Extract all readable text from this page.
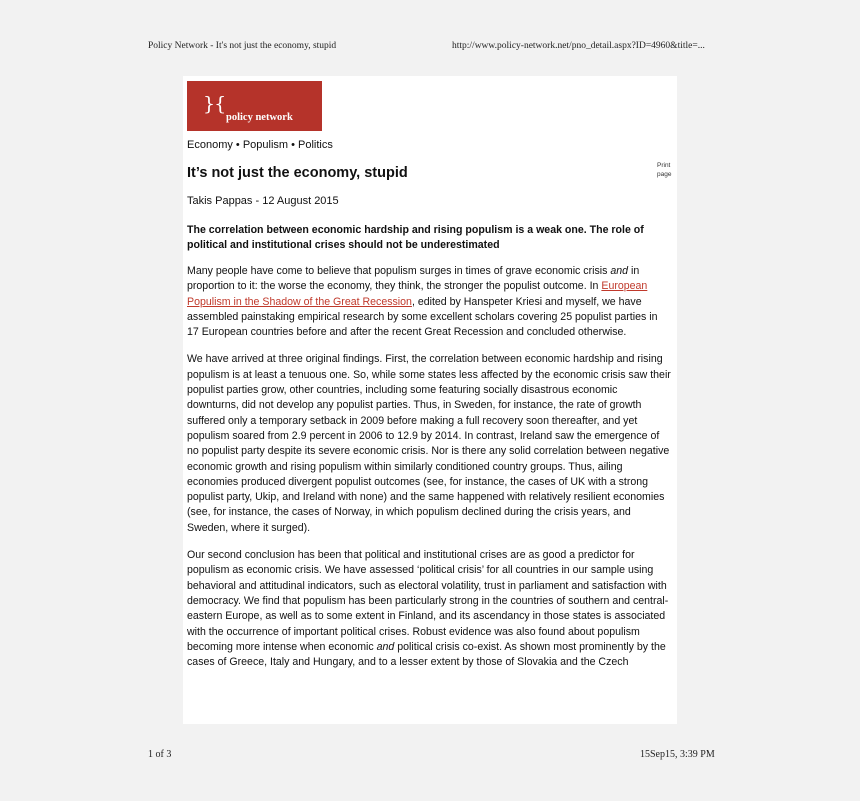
Policy Network - It's not just the economy, stupid	http://www.policy-network.net/pno_detail.aspx?ID=4960&title=...
}{
policy network
Economy • Populism • Politics
Print page
It’s not just the economy, stupid
Takis Pappas - 12 August 2015

The correlation between economic hardship and rising populism is a weak one. The role of political and institutional crises should not be underestimated

Many people have come to believe that populism surges in times of grave economic crisis and in proportion to it: the worse the economy, they think, the stronger the populist outcome. In European Populism in the Shadow of the Great Recession, edited by Hanspeter Kriesi and myself, we have assembled painstaking empirical research by some excellent scholars covering 25 populist parties in 17 European countries before and after the recent Great Recession and concluded otherwise.

We have arrived at three original findings. First, the correlation between economic hardship and rising populism is at least a tenuous one. So, while some states less affected by the economic crisis saw their populist parties grow, other countries, including some featuring socially disastrous economic downturns, did not develop any populist parties. Thus, in Sweden, for instance, the rate of growth suffered only a temporary setback in 2009 before making a full recovery soon thereafter, and yet populism soared from 2.9 percent in 2006 to 12.9 by 2014. In contrast, Ireland saw the emergence of no populist party despite its severe economic crisis. Nor is there any solid correlation between negative economic growth and rising populism within similarly conditioned country groups. Thus, ailing economies produced divergent populist outcomes (see, for instance, the cases of UK with a strong populist party, Ukip, and Ireland with none) and the same happened with relatively resilient economies (see, for instance, the cases of Norway, in which populism declined during the crisis years, and Sweden, where it surged).

Our second conclusion has been that political and institutional crises are as good a predictor for populism as economic crisis. We have assessed ‘political crisis’ for all countries in our sample using behavioral and attitudinal indicators, such as electoral volatility, trust in parliament and satisfaction with democracy. We find that populism has been particularly strong in the countries of southern and central-eastern Europe, as well as to some extent in Finland, and its ascendancy in those states is associated with the occurrence of important political crises. Robust evidence was also found about populism becoming more intense when economic and political crisis co-exist. As shown most prominently by the cases of Greece, Italy and Hungary, and to a lesser extent by those of Slovakia and the Czech

1 of 3	15Sep15, 3:39 PM
